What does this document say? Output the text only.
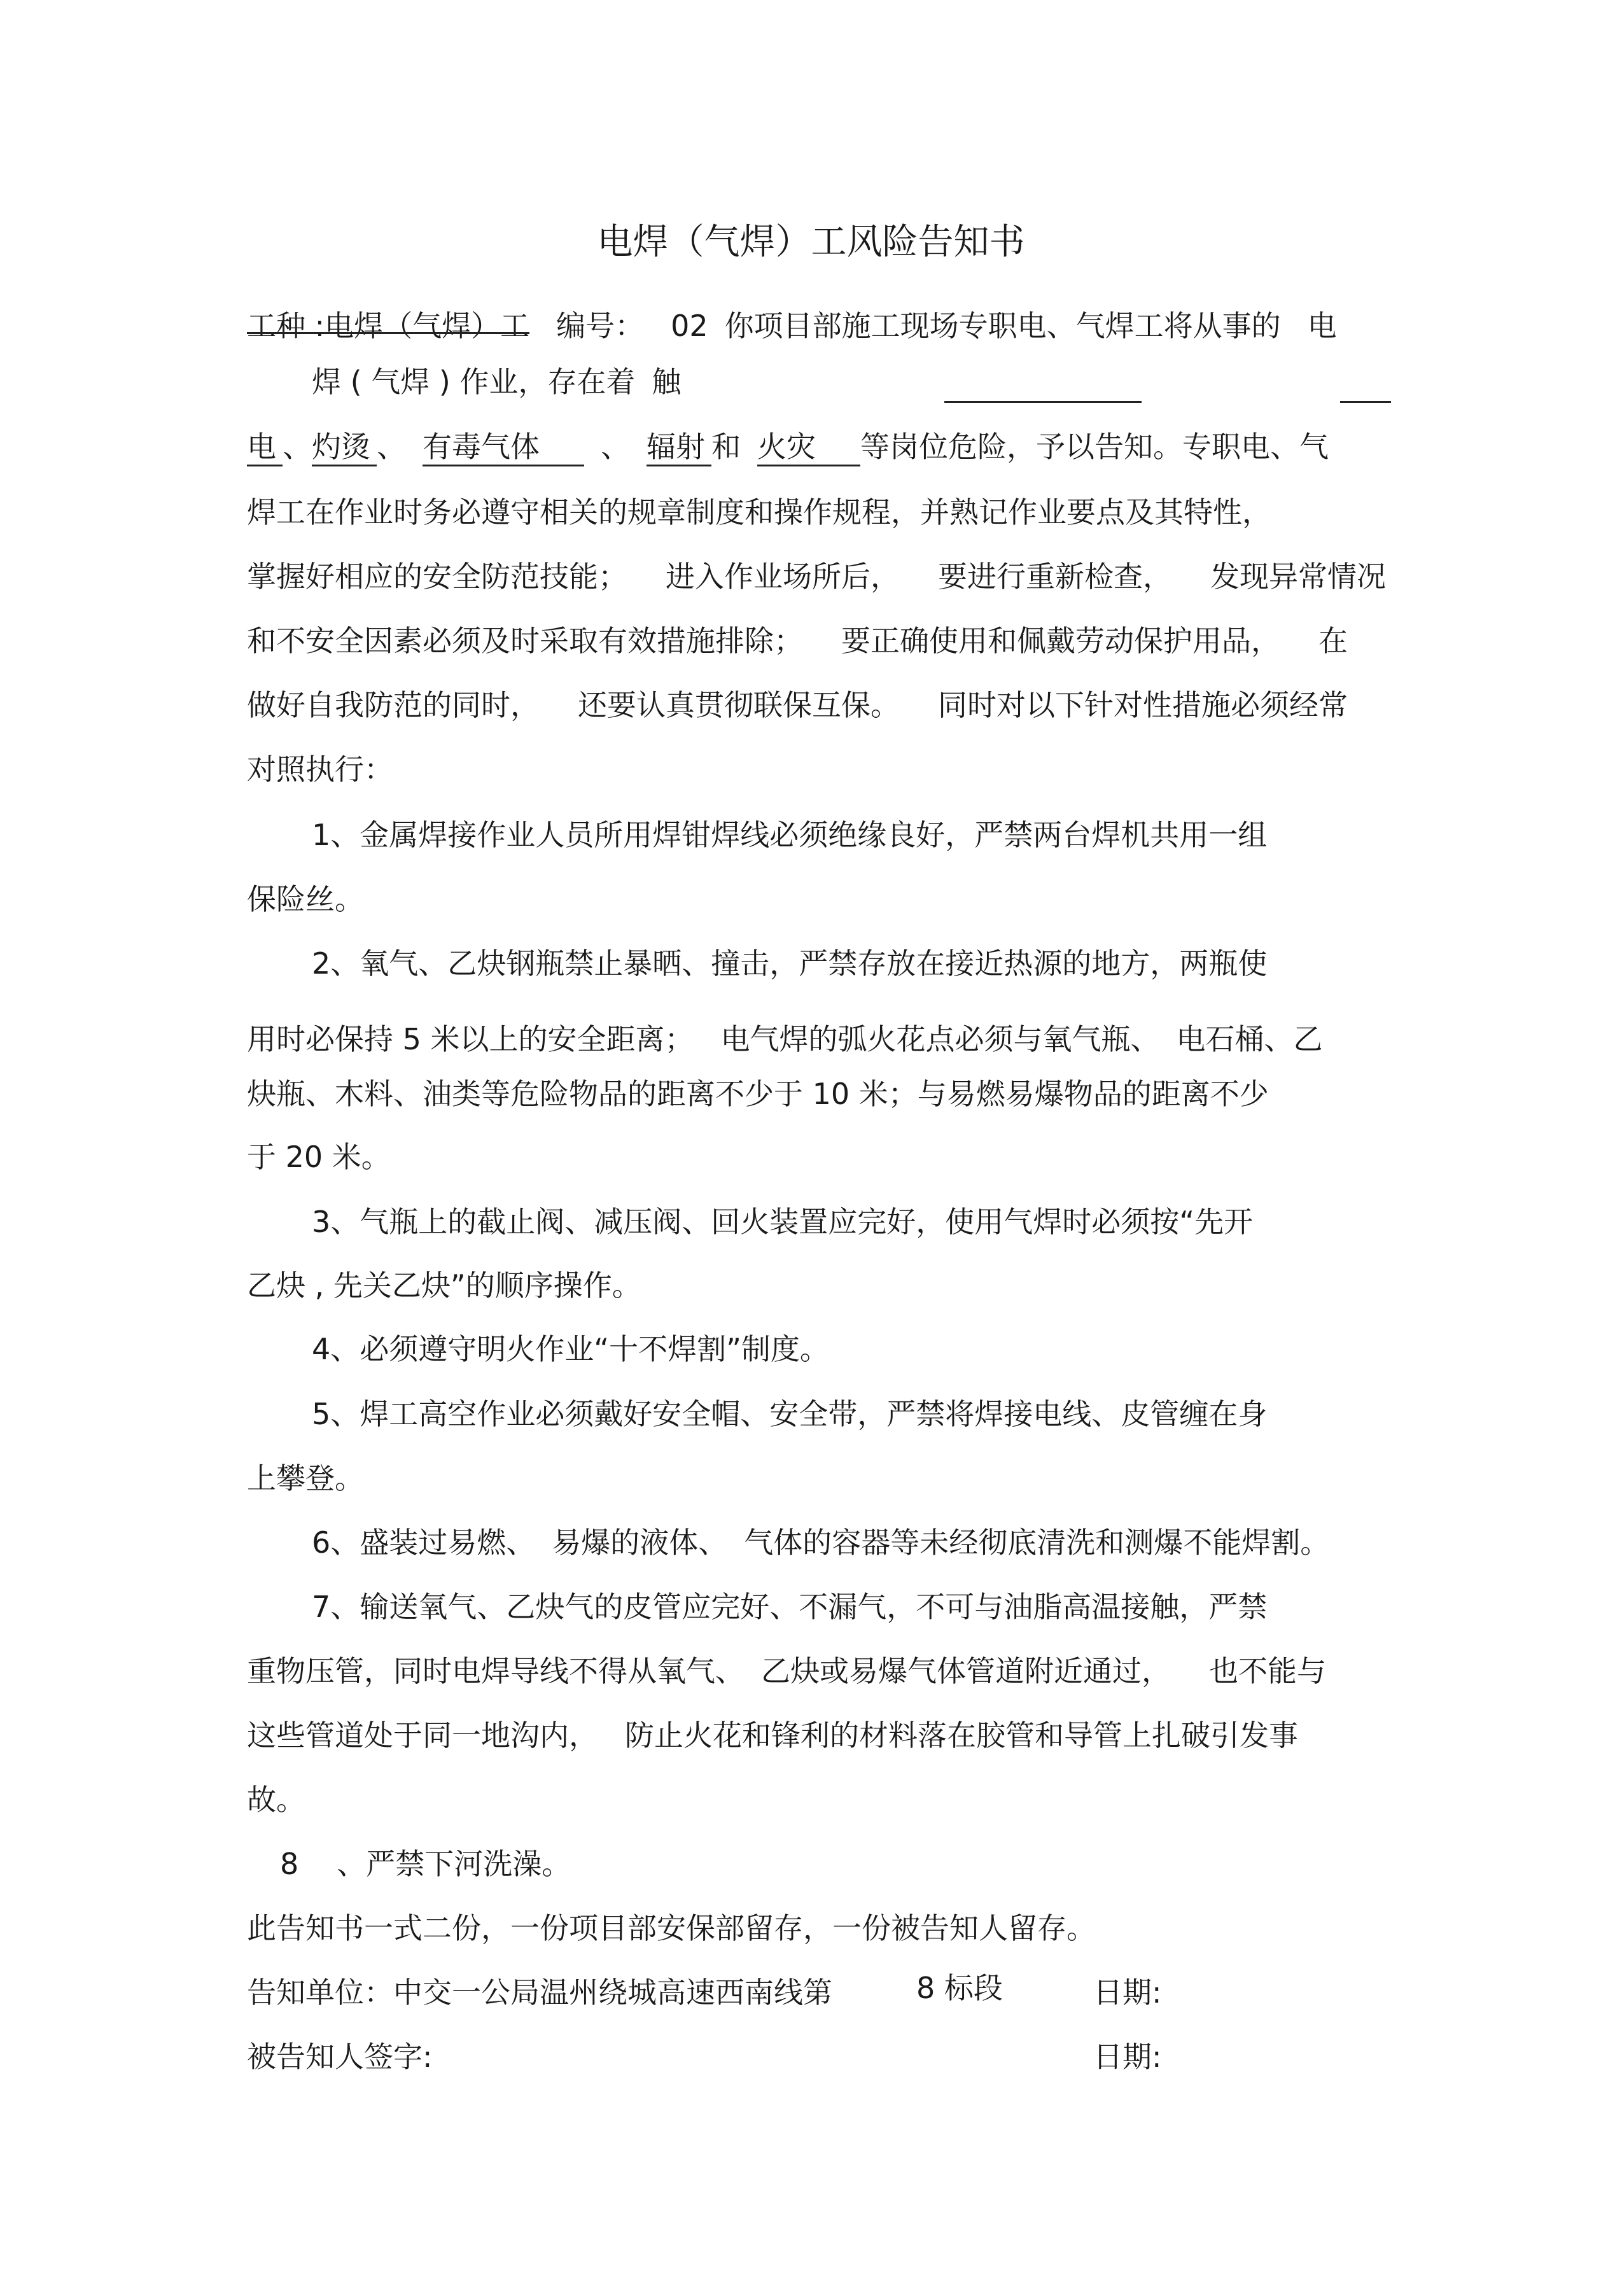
电焊（气焊）工风险告知书
工种 :电焊（气焊）工 编号： 02 你项目部施工现场专职电、气焊工将从事的 电
焊 ( 气焊 ) 作业，存在着 触
电 、灼烫 、 有毒气体 、 辐射 和 火灾 等岗位危险，予以告知。专职电、气
焊工在作业时务必遵守相关的规章制度和操作规程，并熟记作业要点及其特性，
掌握好相应的安全防范技能； 进入作业场所后， 要进行重新检查， 发现异常情况
和不安全因素必须及时采取有效措施排除； 要正确使用和佩戴劳动保护用品， 在
做好自我防范的同时， 还要认真贯彻联保互保。 同时对以下针对性措施必须经常
对照执行：
1、金属焊接作业人员所用焊钳焊线必须绝缘良好，严禁两台焊机共用一组
保险丝。
2、氧气、乙炔钢瓶禁止暴晒、撞击，严禁存放在接近热源的地方，两瓶使
用时必保持 5 米以上的安全距离； 电气焊的弧火花点必须与氧气瓶、 电石桶、乙
炔瓶、木料、油类等危险物品的距离不少于 10 米；与易燃易爆物品的距离不少
于 20 米。
3、气瓶上的截止阀、减压阀、回火装置应完好，使用气焊时必须按“先开
乙炔 , 先关乙炔”的顺序操作。
4、必须遵守明火作业“十不焊割”制度。
5、焊工高空作业必须戴好安全帽、安全带，严禁将焊接电线、皮管缠在身
上攀登。
6、盛装过易燃、 易爆的液体、 气体的容器等未经彻底清洗和测爆不能焊割。
7、输送氧气、乙炔气的皮管应完好、不漏气，不可与油脂高温接触，严禁
重物压管，同时电焊导线不得从氧气、 乙炔或易爆气体管道附近通过， 也不能与
这些管道处于同一地沟内， 防止火花和锋利的材料落在胶管和导管上扎破引发事
故。
8 、严禁下河洗澡。
此告知书一式二份，一份项目部安保部留存，一份被告知人留存。
告知单位：中交一公局温州绕城高速西南线第	8 标段	日期:
被告知人签字:	日期:
